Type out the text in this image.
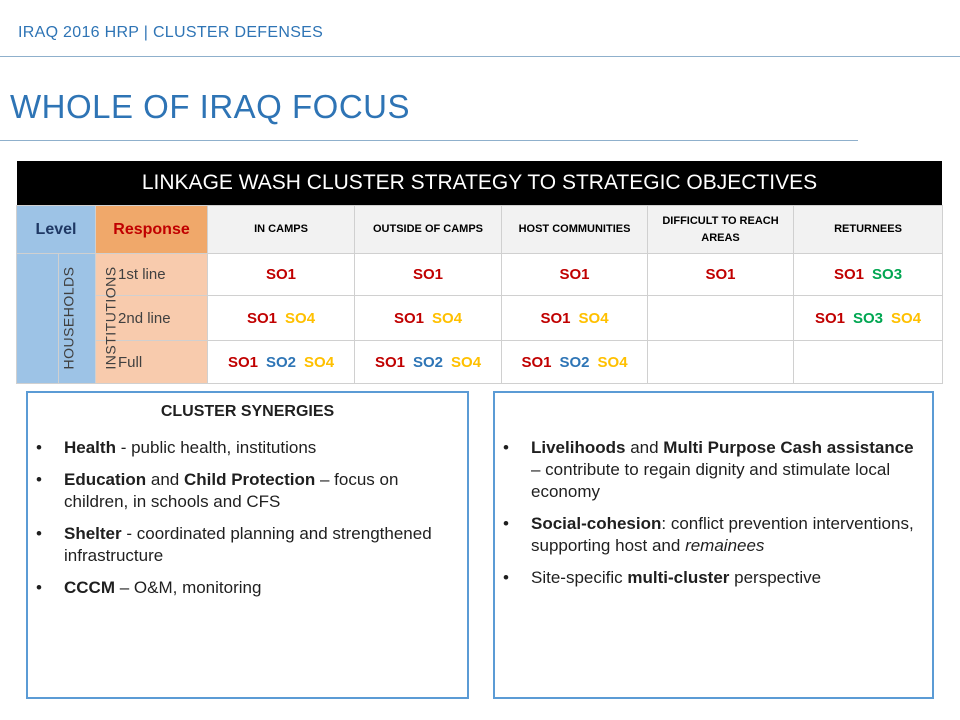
IRAQ 2016 HRP | CLUSTER DEFENSES
WHOLE OF IRAQ FOCUS
LINKAGE WASH CLUSTER STRATEGY TO STRATEGIC OBJECTIVES
Level		Response	IN CAMPS	OUTSIDE OF CAMPS	HOST COMMUNITIES	DIFFICULT TO REACH AREAS	RETURNEES
HOUSEHOLDS	INSTITUTIONS	1st line	SO1	SO1	SO1	SO1	SO1 SO3
		2nd line	SO1 SO4	SO1 SO4	SO1 SO4		SO1 SO3 SO4
		Full	SO1 SO2 SO4	SO1 SO2 SO4	SO1 SO2 SO4		
CLUSTER SYNERGIES
• Health - public health, institutions
• Education and Child Protection – focus on children, in schools and CFS
• Shelter - coordinated planning and strengthened infrastructure
• CCCM – O&M, monitoring
• Livelihoods and Multi Purpose Cash assistance – contribute to regain dignity and stimulate local economy
• Social-cohesion: conflict prevention interventions, supporting host and remainees
• Site-specific multi-cluster perspective
